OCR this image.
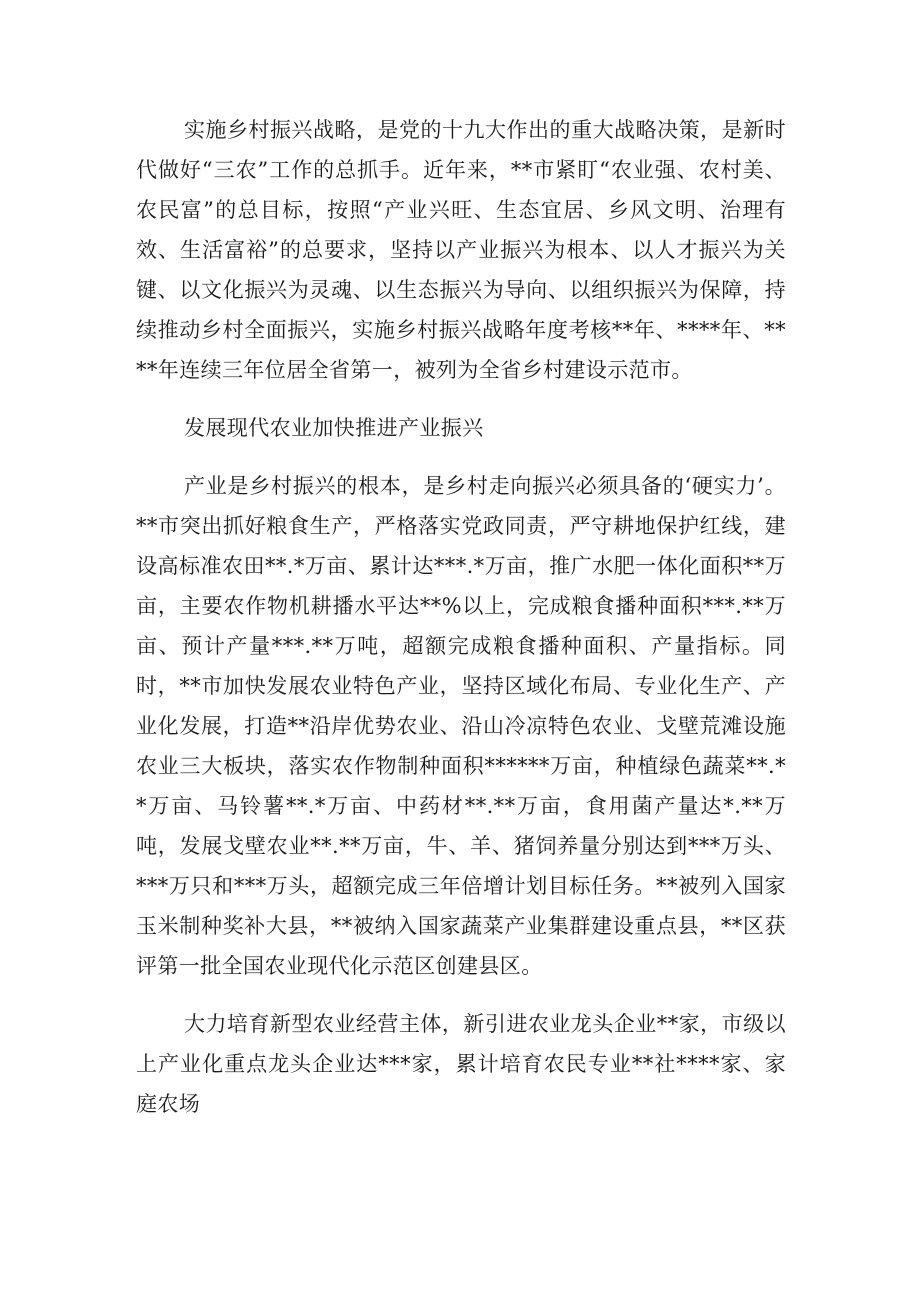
实施乡村振兴战略，是党的十九大作出的重大战略决策，是新时代做好“三农”工作的总抓手。近年来，**市紧盯“农业强、农村美、农民富”的总目标，按照“产业兴旺、生态宜居、乡风文明、治理有效、生活富裕”的总要求，坚持以产业振兴为根本、以人才振兴为关键、以文化振兴为灵魂、以生态振兴为导向、以组织振兴为保障，持续推动乡村全面振兴，实施乡村振兴战略年度考核**年、****年、****年连续三年位居全省第一，被列为全省乡村建设示范市。

发展现代农业加快推进产业振兴

产业是乡村振兴的根本，是乡村走向振兴必须具备的‘硬实力’。**市突出抓好粮食生产，严格落实党政同责，严守耕地保护红线，建设高标准农田**.*万亩、累计达***.*万亩，推广水肥一体化面积**万亩，主要农作物机耕播水平达**%以上，完成粮食播种面积***.**万亩、预计产量***.**万吨，超额完成粮食播种面积、产量指标。同时，**市加快发展农业特色产业，坚持区域化布局、专业化生产、产业化发展，打造**沿岸优势农业、沿山冷凉特色农业、戈壁荒滩设施农业三大板块，落实农作物制种面积******万亩，种植绿色蔬菜**.**万亩、马铃薯**.*万亩、中药材**.**万亩，食用菌产量达*.**万吨，发展戈壁农业**.**万亩，牛、羊、猪饲养量分别达到***万头、***万只和***万头，超额完成三年倍增计划目标任务。**被列入国家玉米制种奖补大县，**被纳入国家蔬菜产业集群建设重点县，**区获评第一批全国农业现代化示范区创建县区。

大力培育新型农业经营主体，新引进农业龙头企业**家，市级以上产业化重点龙头企业达***家，累计培育农民专业**社****家、家庭农场
